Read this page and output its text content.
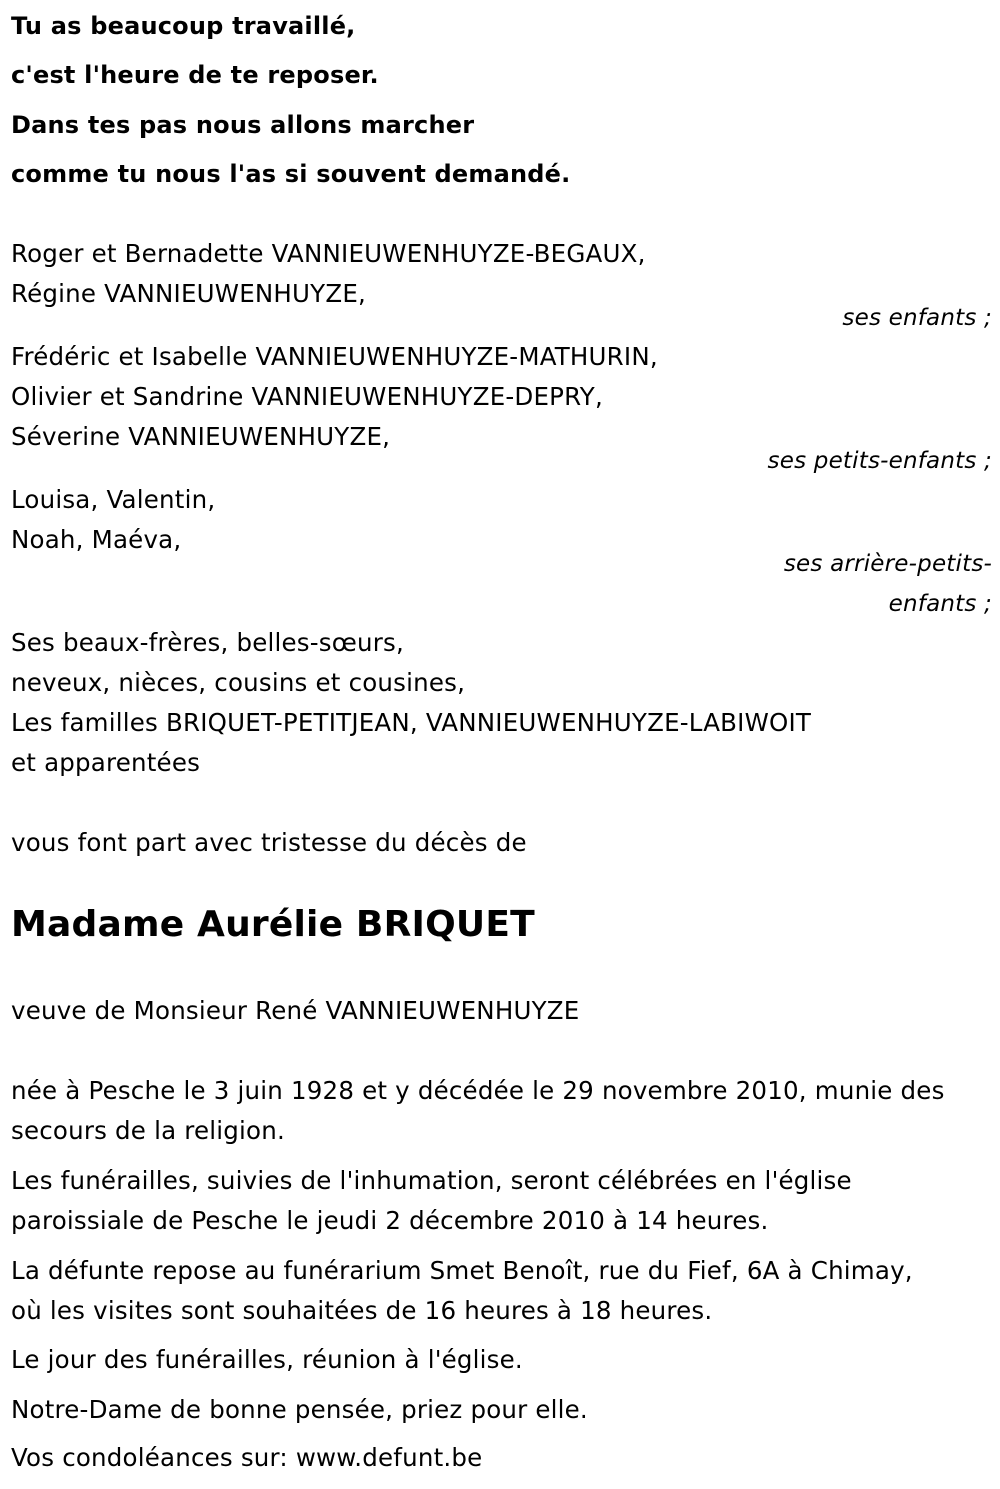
Tu as beaucoup travaillé,
c'est l'heure de te reposer.
Dans tes pas nous allons marcher
comme tu nous l'as si souvent demandé.
Roger et Bernadette VANNIEUWENHUYZE-BEGAUX,
Régine VANNIEUWENHUYZE,
ses enfants ;
Frédéric et Isabelle VANNIEUWENHUYZE-MATHURIN,
Olivier et Sandrine VANNIEUWENHUYZE-DEPRY,
Séverine VANNIEUWENHUYZE,
ses petits-enfants ;
Louisa, Valentin,
Noah, Maéva,
ses arrière-petits-
enfants ;
Ses beaux-frères, belles-sœurs,
neveux, nièces, cousins et cousines,
Les familles BRIQUET-PETITJEAN, VANNIEUWENHUYZE-LABIWOIT
et apparentées
vous font part avec tristesse du décès de
Madame Aurélie BRIQUET
veuve de Monsieur René VANNIEUWENHUYZE
née à Pesche le 3 juin 1928 et y décédée le 29 novembre 2010, munie des
secours de la religion.
Les funérailles, suivies de l'inhumation, seront célébrées en l'église
paroissiale de Pesche le jeudi 2 décembre 2010 à 14 heures.
La défunte repose au funérarium Smet Benoît, rue du Fief, 6A à Chimay,
où les visites sont souhaitées de 16 heures à 18 heures.
Le jour des funérailles, réunion à l'église.
Notre-Dame de bonne pensée, priez pour elle.
Vos condoléances sur: www.defunt.be
